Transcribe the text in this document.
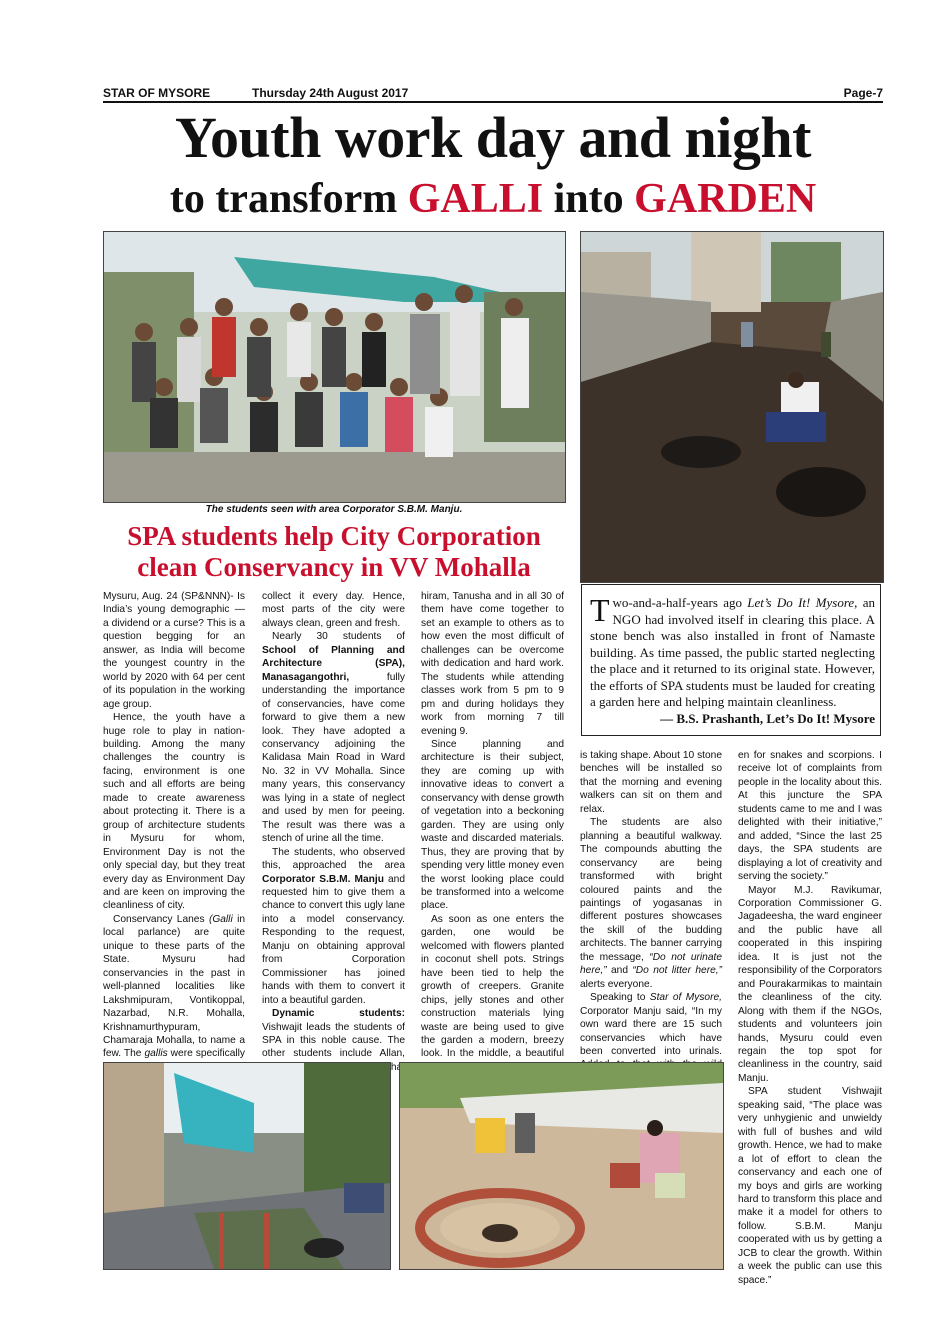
STAR OF MYSORE	Thursday 24th August 2017	Page-7
Youth work day and night
to transform GALLI into GARDEN
The students seen with area Corporator S.B.M. Manju.
SPA students help City Corporation
clean Conservancy in VV Mohalla
Two-and-a-half-years ago Let’s Do It! Mysore, an NGO had involved itself in clearing this place. A stone bench was also installed in front of Namaste building. As time passed, the public started neglecting the place and it returned to its original state. However, the efforts of SPA students must be lauded for creating a garden here and helping maintain cleanliness.
— B.S. Prashanth, Let’s Do It! Mysore

Mysuru, Aug. 24 (SP&NNN)- Is India’s young demographic — a dividend or a curse? This is a question begging for an answer, as India will become the youngest country in the world by 2020 with 64 per cent of its population in the working age group.

Hence, the youth have a huge role to play in nation-building. Among the many challenges the country is facing, environment is one such and all efforts are being made to create awareness about protecting it. There is a group of architecture students in Mysuru for whom, Environment Day is not the only special day, but they treat every day as Environment Day and are keen on improving the cleanliness of city.

Conservancy Lanes (Galli in local parlance) are quite unique to these parts of the State. Mysuru had conservancies in the past in well-planned localities like Lakshmipuram, Vontikoppal, Nazarbad, N.R. Mohalla, Krishnamurthypuram, Chamaraja Mohalla, to name a few. The gallis were specifically

collect it every day. Hence, most parts of the city were always clean, green and fresh.

Nearly 30 students of School of Planning and Architecture (SPA), Manasagangothri, fully understanding the importance of conservancies, have come forward to give them a new look. They have adopted a conservancy adjoining the Kalidasa Main Road in Ward No. 32 in VV Mohalla. Since many years, this conservancy was lying in a state of neglect and used by men for peeing. The result was there was a stench of urine all the time.

The students, who observed this, approached the area Corporator S.B.M. Manju and requested him to give them a chance to convert this ugly lane into a model conservancy. Responding to the request, Manju on obtaining approval from Corporation Commissioner has joined hands with them to convert it into a beautiful garden.

Dynamic students: Vishwajit leads the students of SPA in this noble cause. The other students include Allan,

hiram, Tanusha and in all 30 of them have come together to set an example to others as to how even the most difficult of challenges can be overcome with dedication and hard work. The students while attending classes work from 5 pm to 9 pm and during holidays they work from morning 7 till evening 9.

Since planning and architecture is their subject, they are coming up with innovative ideas to convert a conservancy with dense growth of vegetation into a beckoning garden. They are using only waste and discarded materials. Thus, they are proving that by spending very little money even the worst looking place could be transformed into a welcome place.

As soon as one enters the garden, one would be welcomed with flowers planted in coconut shell pots. Strings have been tied to help the growth of creepers. Granite chips, jelly stones and other construction materials lying waste are being used to give the garden a modern, breezy look. In the middle, a beautiful

is taking shape. About 10 stone benches will be installed so that the morning and evening walkers can sit on them and relax.

The students are also planning a beautiful walkway. The compounds abutting the conservancy are being transformed with bright coloured paints and the paintings of yogasanas in different postures showcases the skill of the budding architects. The banner carrying the message, “Do not urinate here,” and “Do not litter here,” alerts everyone.

Speaking to Star of Mysore, Corporator Manju said, “In my own ward there are 15 such conservancies which have been converted into urinals.

en for snakes and scorpions. I receive lot of complaints from people in the locality about this. At this juncture the SPA students came to me and I was delighted with their initiative,” and added, “Since the last 25 days, the SPA students are displaying a lot of creativity and serving the society.”

Mayor M.J. Ravikumar, Corporation Commissioner G. Jagadeesha, the ward engineer and the public have all cooperated in this inspiring idea. It is just not the responsibility of the Corporators and Pourakarmikas to maintain the cleanliness of the city. Along with them if the NGOs, students and volunteers join hands, Mysuru could even regain the top spot for cleanliness in the country, said Manju.

SPA student Vishwajit speaking said, “The place was very unhygienic and unwieldy with full of bushes and wild growth. Hence, we had to make a lot of effort to clean the conservancy and each one of my boys and girls are working hard to transform this place and make it a model for others to follow. S.B.M. Manju cooperated with us by getting a JCB to clear the growth. Within a week the public can use this space.”
